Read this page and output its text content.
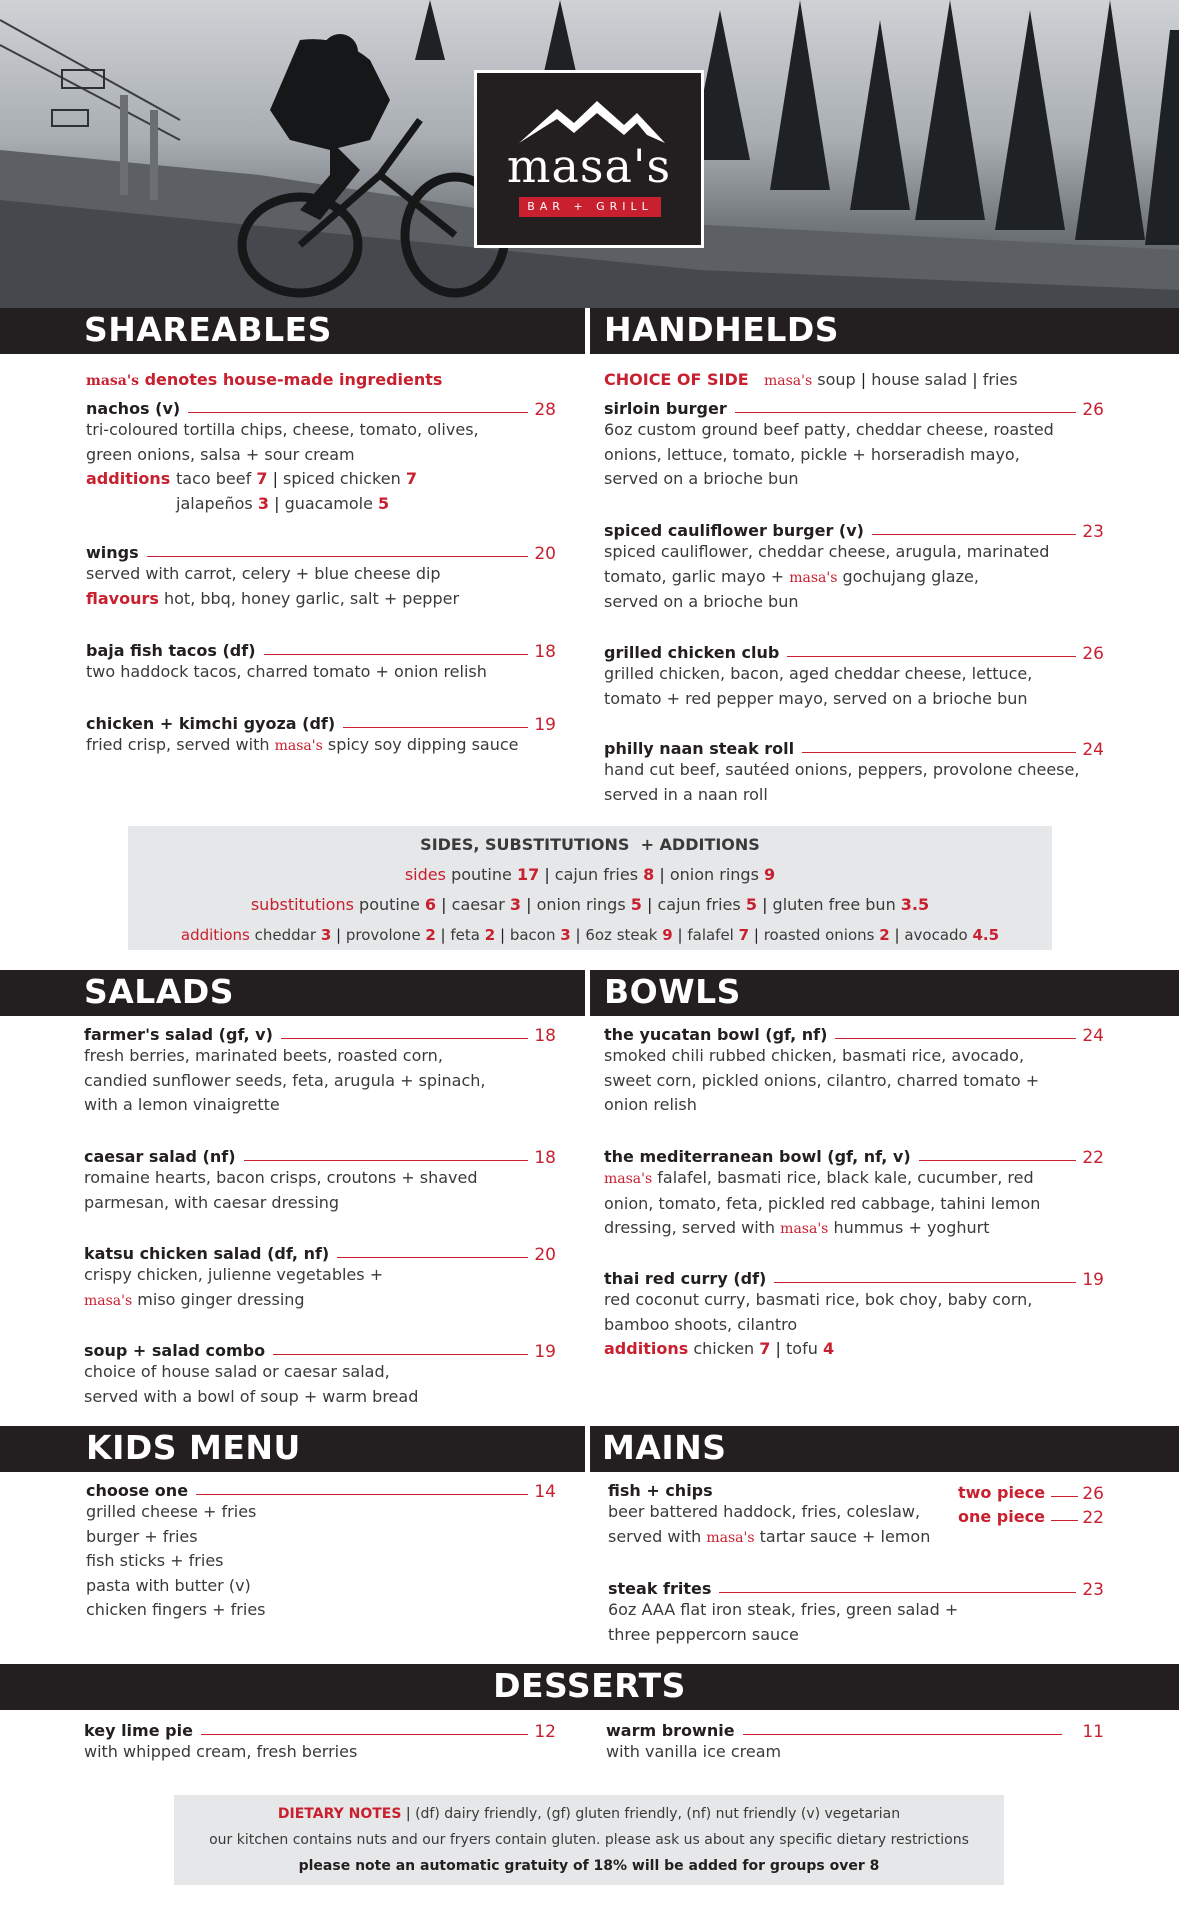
masa's
BAR + GRILL
SHAREABLES	HANDHELDS
masa's denotes house-made ingredients
nachos (v)	28
tri-coloured tortilla chips, cheese, tomato, olives,
green onions, salsa + sour cream
additions taco beef 7 | spiced chicken 7
jalapeños 3 | guacamole 5
wings	20
served with carrot, celery + blue cheese dip
flavours hot, bbq, honey garlic, salt + pepper
baja fish tacos (df)	18
two haddock tacos, charred tomato + onion relish
chicken + kimchi gyoza (df)	19
fried crisp, served with masa's spicy soy dipping sauce
CHOICE OF SIDE masa's soup | house salad | fries
sirloin burger	26
6oz custom ground beef patty, cheddar cheese, roasted
onions, lettuce, tomato, pickle + horseradish mayo,
served on a brioche bun
spiced cauliflower burger (v)	23
spiced cauliflower, cheddar cheese, arugula, marinated
tomato, garlic mayo + masa's gochujang glaze,
served on a brioche bun
grilled chicken club	26
grilled chicken, bacon, aged cheddar cheese, lettuce,
tomato + red pepper mayo, served on a brioche bun
philly naan steak roll	24
hand cut beef, sautéed onions, peppers, provolone cheese,
served in a naan roll
SIDES, SUBSTITUTIONS + ADDITIONS
sides poutine 17 | cajun fries 8 | onion rings 9
substitutions poutine 6 | caesar 3 | onion rings 5 | cajun fries 5 | gluten free bun 3.5
additions cheddar 3 | provolone 2 | feta 2 | bacon 3 | 6oz steak 9 | falafel 7 | roasted onions 2 | avocado 4.5
SALADS	BOWLS
farmer's salad (gf, v)	18
fresh berries, marinated beets, roasted corn,
candied sunflower seeds, feta, arugula + spinach,
with a lemon vinaigrette
caesar salad (nf)	18
romaine hearts, bacon crisps, croutons + shaved
parmesan, with caesar dressing
katsu chicken salad (df, nf)	20
crispy chicken, julienne vegetables +
masa's miso ginger dressing
soup + salad combo	19
choice of house salad or caesar salad,
served with a bowl of soup + warm bread
the yucatan bowl (gf, nf)	24
smoked chili rubbed chicken, basmati rice, avocado,
sweet corn, pickled onions, cilantro, charred tomato +
onion relish
the mediterranean bowl (gf, nf, v)	22
masa's falafel, basmati rice, black kale, cucumber, red
onion, tomato, feta, pickled red cabbage, tahini lemon
dressing, served with masa's hummus + yoghurt
thai red curry (df)	19
red coconut curry, basmati rice, bok choy, baby corn,
bamboo shoots, cilantro
additions chicken 7 | tofu 4
KIDS MENU	MAINS
choose one	14
grilled cheese + fries
burger + fries
fish sticks + fries
pasta with butter (v)
chicken fingers + fries
fish + chips
beer battered haddock, fries, coleslaw,
served with masa's tartar sauce + lemon
two piece 26
one piece 22
steak frites	23
6oz AAA flat iron steak, fries, green salad +
three peppercorn sauce
DESSERTS
key lime pie	12
with whipped cream, fresh berries
warm brownie	11
with vanilla ice cream
DIETARY NOTES | (df) dairy friendly, (gf) gluten friendly, (nf) nut friendly (v) vegetarian
our kitchen contains nuts and our fryers contain gluten. please ask us about any specific dietary restrictions
please note an automatic gratuity of 18% will be added for groups over 8
